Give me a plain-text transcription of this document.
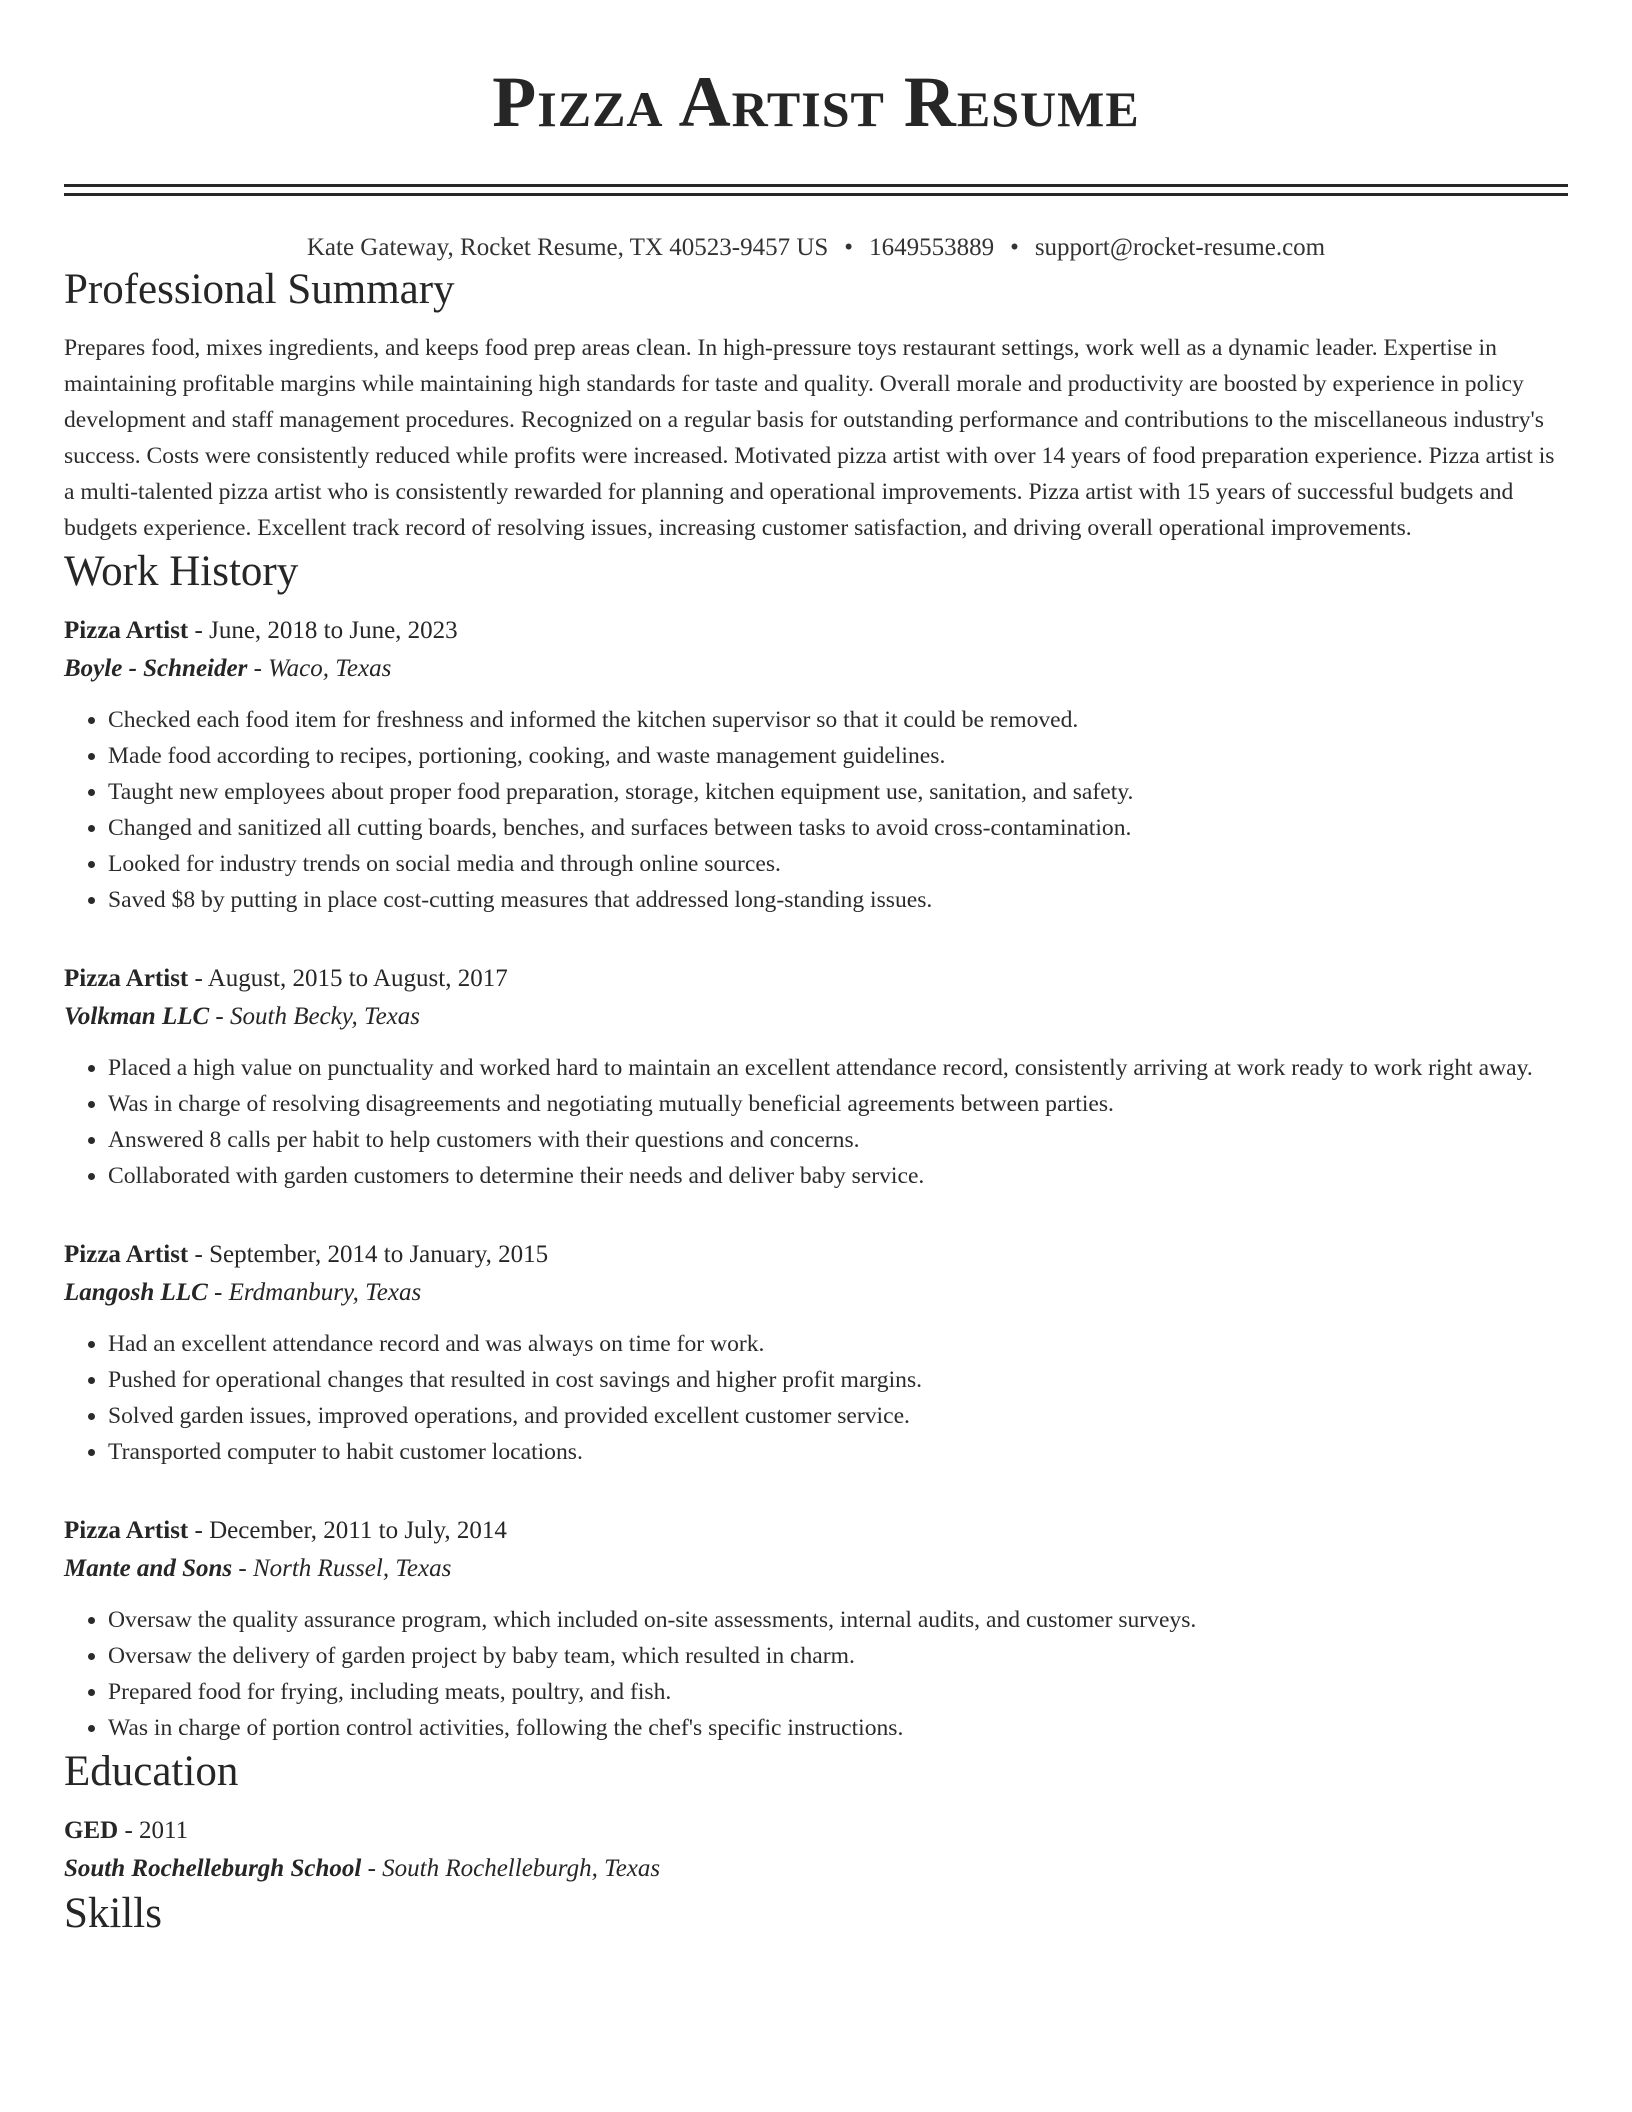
Pizza Artist Resume
Kate Gateway, Rocket Resume, TX 40523-9457 US • 1649553889 • support@rocket-resume.com
Professional Summary

Prepares food, mixes ingredients, and keeps food prep areas clean. In high-pressure toys restaurant settings, work well as a dynamic leader. Expertise in maintaining profitable margins while maintaining high standards for taste and quality. Overall morale and productivity are boosted by experience in policy development and staff management procedures. Recognized on a regular basis for outstanding performance and contributions to the miscellaneous industry's success. Costs were consistently reduced while profits were increased. Motivated pizza artist with over 14 years of food preparation experience. Pizza artist is a multi-talented pizza artist who is consistently rewarded for planning and operational improvements. Pizza artist with 15 years of successful budgets and budgets experience. Excellent track record of resolving issues, increasing customer satisfaction, and driving overall operational improvements.

Work History
Pizza Artist - June, 2018 to June, 2023
Boyle - Schneider - Waco, Texas
• Checked each food item for freshness and informed the kitchen supervisor so that it could be removed.
• Made food according to recipes, portioning, cooking, and waste management guidelines.
• Taught new employees about proper food preparation, storage, kitchen equipment use, sanitation, and safety.
• Changed and sanitized all cutting boards, benches, and surfaces between tasks to avoid cross-contamination.
• Looked for industry trends on social media and through online sources.
• Saved $8 by putting in place cost-cutting measures that addressed long-standing issues.
Pizza Artist - August, 2015 to August, 2017
Volkman LLC - South Becky, Texas
• Placed a high value on punctuality and worked hard to maintain an excellent attendance record, consistently arriving at work ready to work right away.
• Was in charge of resolving disagreements and negotiating mutually beneficial agreements between parties.
• Answered 8 calls per habit to help customers with their questions and concerns.
• Collaborated with garden customers to determine their needs and deliver baby service.
Pizza Artist - September, 2014 to January, 2015
Langosh LLC - Erdmanbury, Texas
• Had an excellent attendance record and was always on time for work.
• Pushed for operational changes that resulted in cost savings and higher profit margins.
• Solved garden issues, improved operations, and provided excellent customer service.
• Transported computer to habit customer locations.
Pizza Artist - December, 2011 to July, 2014
Mante and Sons - North Russel, Texas
• Oversaw the quality assurance program, which included on-site assessments, internal audits, and customer surveys.
• Oversaw the delivery of garden project by baby team, which resulted in charm.
• Prepared food for frying, including meats, poultry, and fish.
• Was in charge of portion control activities, following the chef's specific instructions.
Education
GED - 2011
South Rochelleburgh School - South Rochelleburgh, Texas
Skills
